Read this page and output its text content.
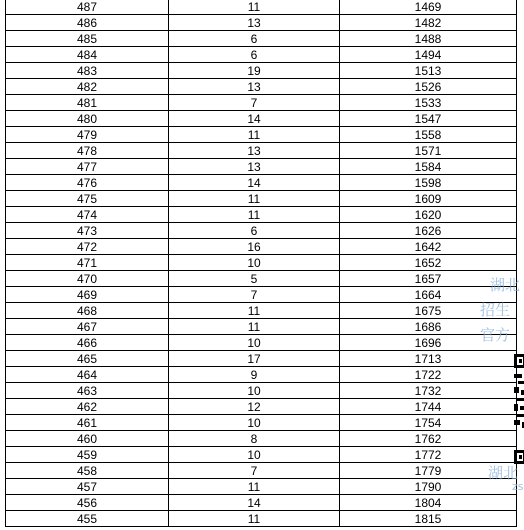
487	11	1469
486	13	1482
485	6	1488
484	6	1494
483	19	1513
482	13	1526
481	7	1533
480	14	1547
479	11	1558
478	13	1571
477	13	1584
476	14	1598
475	11	1609
474	11	1620
473	6	1626
472	16	1642
471	10	1652
470	5	1657
469	7	1664
468	11	1675
467	11	1686
466	10	1696
465	17	1713
464	9	1722
463	10	1732
462	12	1744
461	10	1754
460	8	1762
459	10	1772
458	7	1779
457	11	1790
456	14	1804
455	11	1815
湖北
招生
官方
湖北
zs
